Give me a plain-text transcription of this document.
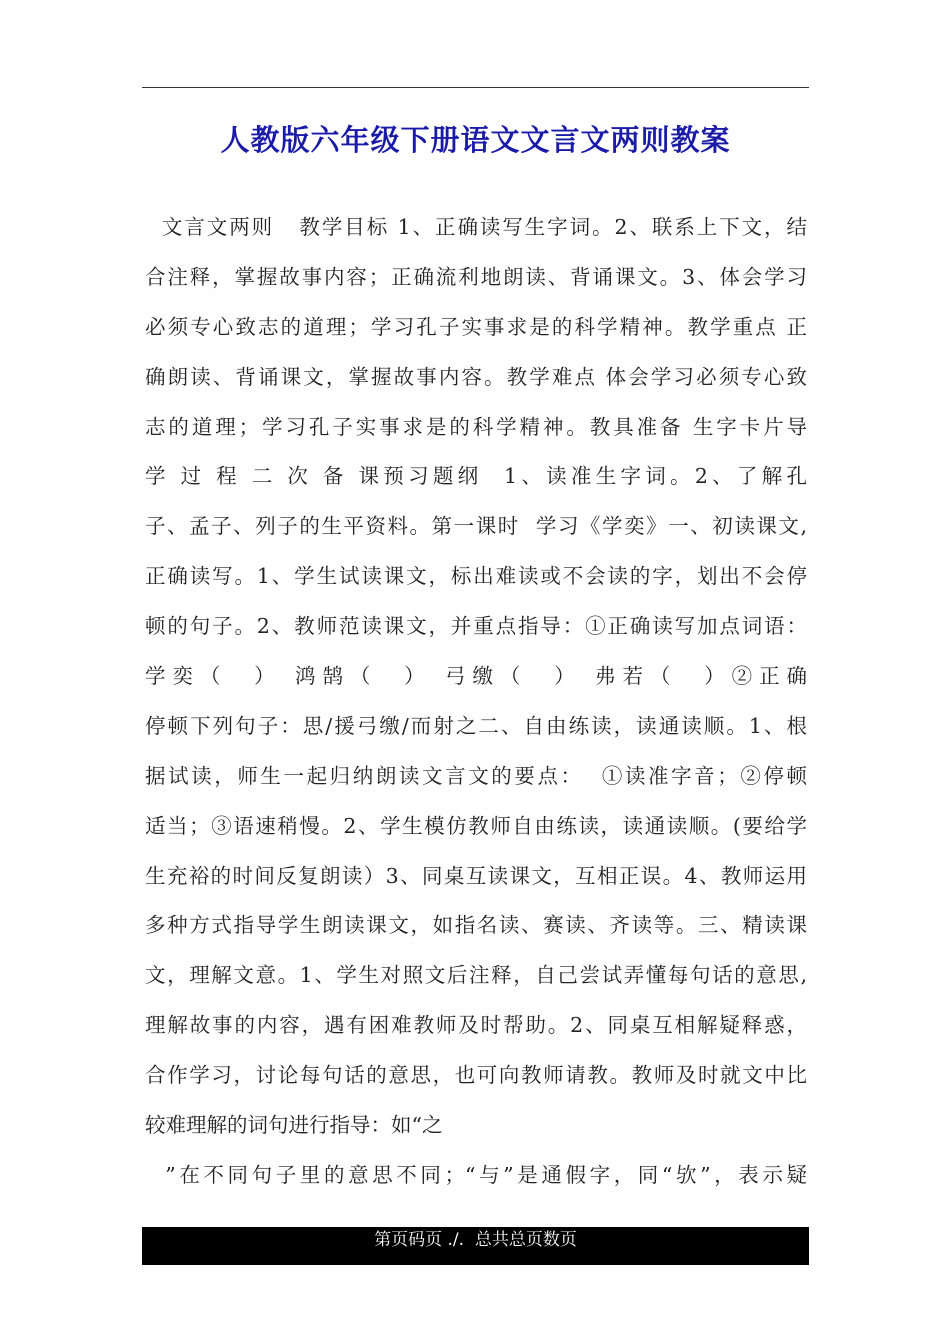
人教版六年级下册语文文言文两则教案
文言文两则   教学目标 1、正确读写生字词。2、联系上下文，结
合注释，掌握故事内容；正确流利地朗读、背诵课文。3、体会学习
必须专心致志的道理；学习孔子实事求是的科学精神。教学重点 正
确朗读、背诵课文，掌握故事内容。教学难点 体会学习必须专心致
志的道理；学习孔子实事求是的科学精神。教具准备 生字卡片导
学 过 程 二 次 备 课预习题纲  1、读准生字词。2、了解孔
子、孟子、列子的生平资料。第一课时  学习《学奕》一、初读课文,
正确读写。1、学生试读课文，标出难读或不会读的字，划出不会停
顿的句子。2、教师范读课文，并重点指导：①正确读写加点词语：
学奕（  ） 鸿鹄（  ） 弓缴（  ） 弗若（  ）②正确
停顿下列句子：思/援弓缴/而射之二、自由练读，读通读顺。1、根
据试读，师生一起归纳朗读文言文的要点：  ①读准字音；②停顿
适当；③语速稍慢。2、学生模仿教师自由练读，读通读顺。(要给学
生充裕的时间反复朗读）3、同桌互读课文，互相正误。4、教师运用
多种方式指导学生朗读课文，如指名读、赛读、齐读等。三、精读课
文，理解文意。1、学生对照文后注释，自己尝试弄懂每句话的意思,
理解故事的内容，遇有困难教师及时帮助。2、同桌互相解疑释惑，
合作学习，讨论每句话的意思，也可向教师请教。教师及时就文中比
较难理解的词句进行指导：如“之
”在不同句子里的意思不同；“与”是通假字，同“欤”，表示疑
第页码页 ./.  总共总页数页
